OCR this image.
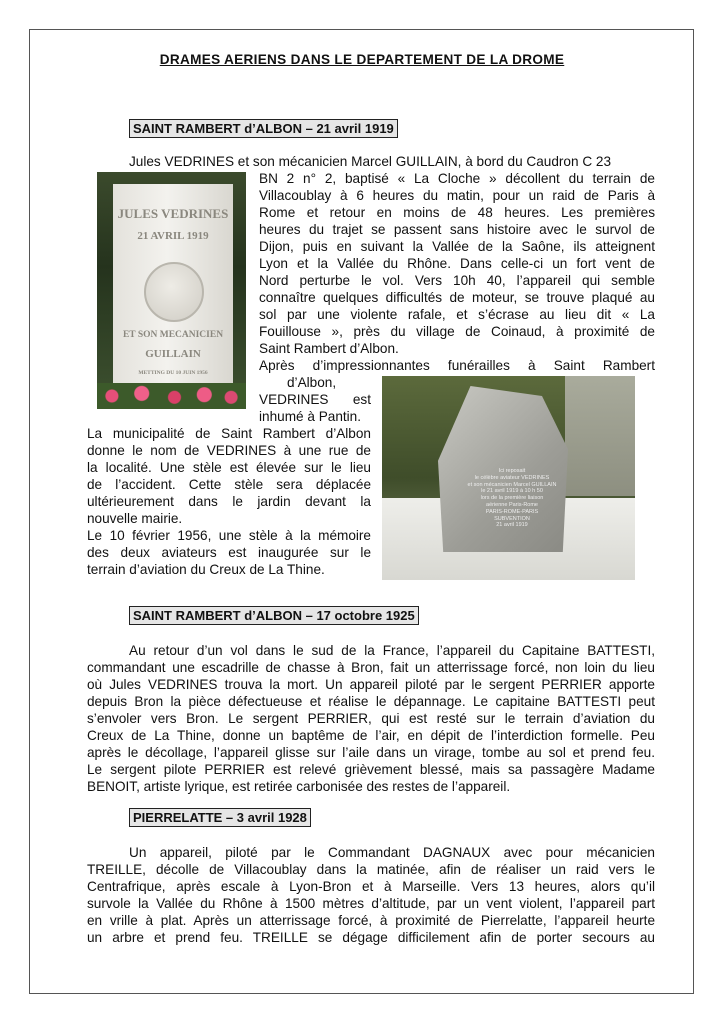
DRAMES AERIENS DANS LE DEPARTEMENT DE LA DROME
SAINT RAMBERT d’ALBON – 21 avril 1919
JULES VEDRINES
21 AVRIL 1919
ET SON MECANICIEN
GUILLAIN
METTING DU 10 JUIN 1956
Ici reposait
le célèbre aviateur VEDRINES
et son mécanicien Marcel GUILLAIN
le 21 avril 1919 à 10 h 50
lors de la première liaison
aérienne Paris-Rome
PARIS-ROME-PARIS
SUBVENTION
21 avril 1919
Jules VEDRINES et son mécanicien Marcel GUILLAIN, à bord du Caudron C 23
BN 2 n° 2, baptisé « La Cloche » décollent du terrain de
Villacoublay à 6 heures du matin, pour un raid de Paris à
Rome et retour en moins de 48 heures. Les premières
heures du trajet se passent sans histoire avec le survol de
Dijon, puis en suivant la Vallée de la Saône, ils atteignent
Lyon et la Vallée du Rhône. Dans celle-ci un fort vent de
Nord perturbe le vol. Vers 10h 40, l’appareil qui semble
connaître quelques difficultés de moteur, se trouve plaqué au
sol par une violente rafale, et s’écrase au lieu dit « La
Fouillouse », près du village de Coinaud, à proximité de
Saint Rambert d’Albon.
Après d’impressionnantes funérailles à Saint Rambert
d’Albon,
VEDRINES est
inhumé à Pantin.
La municipalité de Saint Rambert d’Albon
donne le nom de VEDRINES à une rue de
la localité. Une stèle est élevée sur le lieu
de l’accident. Cette stèle sera déplacée
ultérieurement dans le jardin devant la
nouvelle mairie.
Le 10 février 1956, une stèle à la mémoire
des deux aviateurs est inaugurée sur le
terrain d’aviation du Creux de La Thine.
SAINT RAMBERT d’ALBON – 17 octobre 1925
Au retour d’un vol dans le sud de la France, l’appareil du Capitaine BATTESTI,
commandant une escadrille de chasse à Bron, fait un atterrissage forcé, non loin du lieu
où Jules VEDRINES trouva la mort. Un appareil piloté par le sergent PERRIER apporte
depuis Bron la pièce défectueuse et réalise le dépannage. Le capitaine BATTESTI peut
s’envoler vers Bron. Le sergent PERRIER, qui est resté sur le terrain d’aviation du
Creux de La Thine, donne un baptême de l’air, en dépit de l’interdiction formelle. Peu
après le décollage, l’appareil glisse sur l’aile dans un virage, tombe au sol et prend feu.
Le sergent pilote PERRIER est relevé grièvement blessé, mais sa passagère Madame
BENOIT, artiste lyrique, est retirée carbonisée des restes de l’appareil.
PIERRELATTE – 3 avril 1928
Un appareil, piloté par le Commandant DAGNAUX avec pour mécanicien
TREILLE, décolle de Villacoublay dans la matinée, afin de réaliser un raid vers le
Centrafrique, après escale à Lyon-Bron et à Marseille. Vers 13 heures, alors qu’il
survole la Vallée du Rhône à 1500 mètres d’altitude, par un vent violent, l’appareil part
en vrille à plat. Après un atterrissage forcé, à proximité de Pierrelatte, l’appareil heurte
un arbre et prend feu. TREILLE se dégage difficilement afin de porter secours au
